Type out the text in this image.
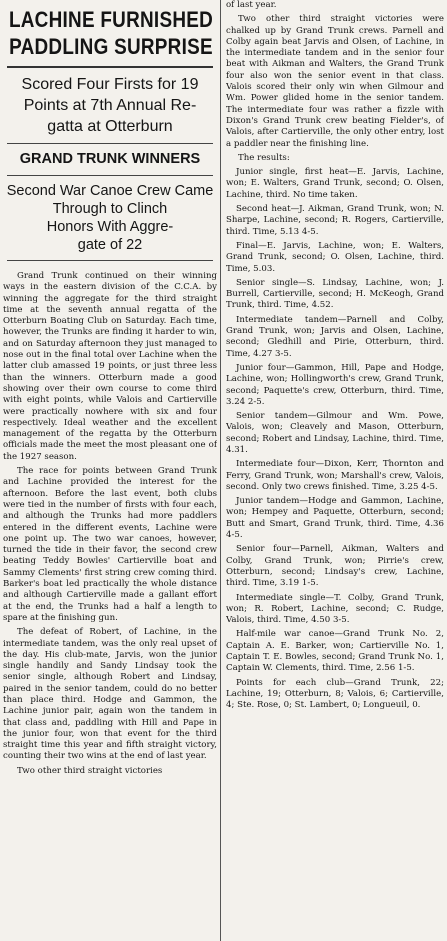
LACHINE FURNISHED
PADDLING SURPRISE
Scored Four Firsts for 19
Points at 7th Annual Re-
gatta at Otterburn
GRAND TRUNK WINNERS
Second War Canoe Crew Came
Through to Clinch
Honors With Aggre-
gate of 22

Grand Trunk continued on their winning ways in the eastern division of the C.C.A. by winning the aggregate for the third straight time at the seventh annual regatta of the Otterburn Boating Club on Saturday. Each time, however, the Trunks are finding it harder to win, and on Saturday afternoon they just managed to nose out in the final total over Lachine when the latter club amassed 19 points, or just three less than the winners. Otterburn made a good showing over their own course to come third with eight points, while Valois and Cartierville were practically nowhere with six and four respectively. Ideal weather and the excellent management of the regatta by the Otterburn officials made the meet the most pleasant one of the 1927 season.

The race for points between Grand Trunk and Lachine provided the interest for the afternoon. Before the last event, both clubs were tied in the number of firsts with four each, and although the Trunks had more paddlers entered in the different events, Lachine were one point up. The two war canoes, however, turned the tide in their favor, the second crew beating Teddy Bowles' Cartierville boat and Sammy Clements' first string crew coming third. Barker's boat led practically the whole distance and although Cartierville made a gallant effort at the end, the Trunks had a half a length to spare at the finishing gun.

The defeat of Robert, of Lachine, in the intermediate tandem, was the only real upset of the day. His club-mate, Jarvis, won the junior single handily and Sandy Lindsay took the senior single, although Robert and Lindsay, paired in the senior tandem, could do no better than place third. Hodge and Gammon, the Lachine junior pair, again won the tandem in that class and, paddling with Hill and Pape in the junior four, won that event for the third straight time this year and fifth straight victory, counting their two wins at the end of last year.

Two other third straight victories

of last year.

Two other third straight victories were chalked up by Grand Trunk crews. Parnell and Colby again beat Jarvis and Olsen, of Lachine, in the intermediate tandem and in the senior four beat with Aikman and Walters, the Grand Trunk four also won the senior event in that class. Valois scored their only win when Gilmour and Wm. Power glided home in the senior tandem. The intermediate four was rather a fizzle with Dixon's Grand Trunk crew beating Fielder's, of Valois, after Cartierville, the only other entry, lost a paddler near the finishing line.

The results:

Junior single, first heat—E. Jarvis, Lachine, won; E. Walters, Grand Trunk, second; O. Olsen, Lachine, third. No time taken.

Second heat—J. Aikman, Grand Trunk, won; N. Sharpe, Lachine, second; R. Rogers, Cartierville, third. Time, 5.13 4-5.

Final—E. Jarvis, Lachine, won; E. Walters, Grand Trunk, second; O. Olsen, Lachine, third. Time, 5.03.

Senior single—S. Lindsay, Lachine, won; J. Burrell, Cartierville, second; H. McKeogh, Grand Trunk, third. Time, 4.52.

Intermediate tandem—Parnell and Colby, Grand Trunk, won; Jarvis and Olsen, Lachine, second; Gledhill and Pirie, Otterburn, third. Time, 4.27 3-5.

Junior four—Gammon, Hill, Pape and Hodge, Lachine, won; Hollingworth's crew, Grand Trunk, second; Paquette's crew, Otterburn, third. Time, 3.24 2-5.

Senior tandem—Gilmour and Wm. Powe, Valois, won; Cleavely and Mason, Otterburn, second; Robert and Lindsay, Lachine, third. Time, 4.31.

Intermediate four—Dixon, Kerr, Thornton and Ferry, Grand Trunk, won; Marshall's crew, Valois, second. Only two crews finished. Time, 3.25 4-5.

Junior tandem—Hodge and Gammon, Lachine, won; Hempey and Paquette, Otterburn, second; Butt and Smart, Grand Trunk, third. Time, 4.36 4-5.

Senior four—Parnell, Aikman, Walters and Colby, Grand Trunk, won; Pirrie's crew, Otterburn, second; Lindsay's crew, Lachine, third. Time, 3.19 1-5.

Intermediate single—T. Colby, Grand Trunk, won; R. Robert, Lachine, second; C. Rudge, Valois, third. Time, 4.50 3-5.

Half-mile war canoe—Grand Trunk No. 2, Captain A. E. Barker, won; Cartierville No. 1, Captain T. E. Bowles, second; Grand Trunk No. 1, Captain W. Clements, third. Time, 2.56 1-5.

Points for each club—Grand Trunk, 22; Lachine, 19; Otterburn, 8; Valois, 6; Cartierville, 4; Ste. Rose, 0; St. Lambert, 0; Longueuil, 0.
